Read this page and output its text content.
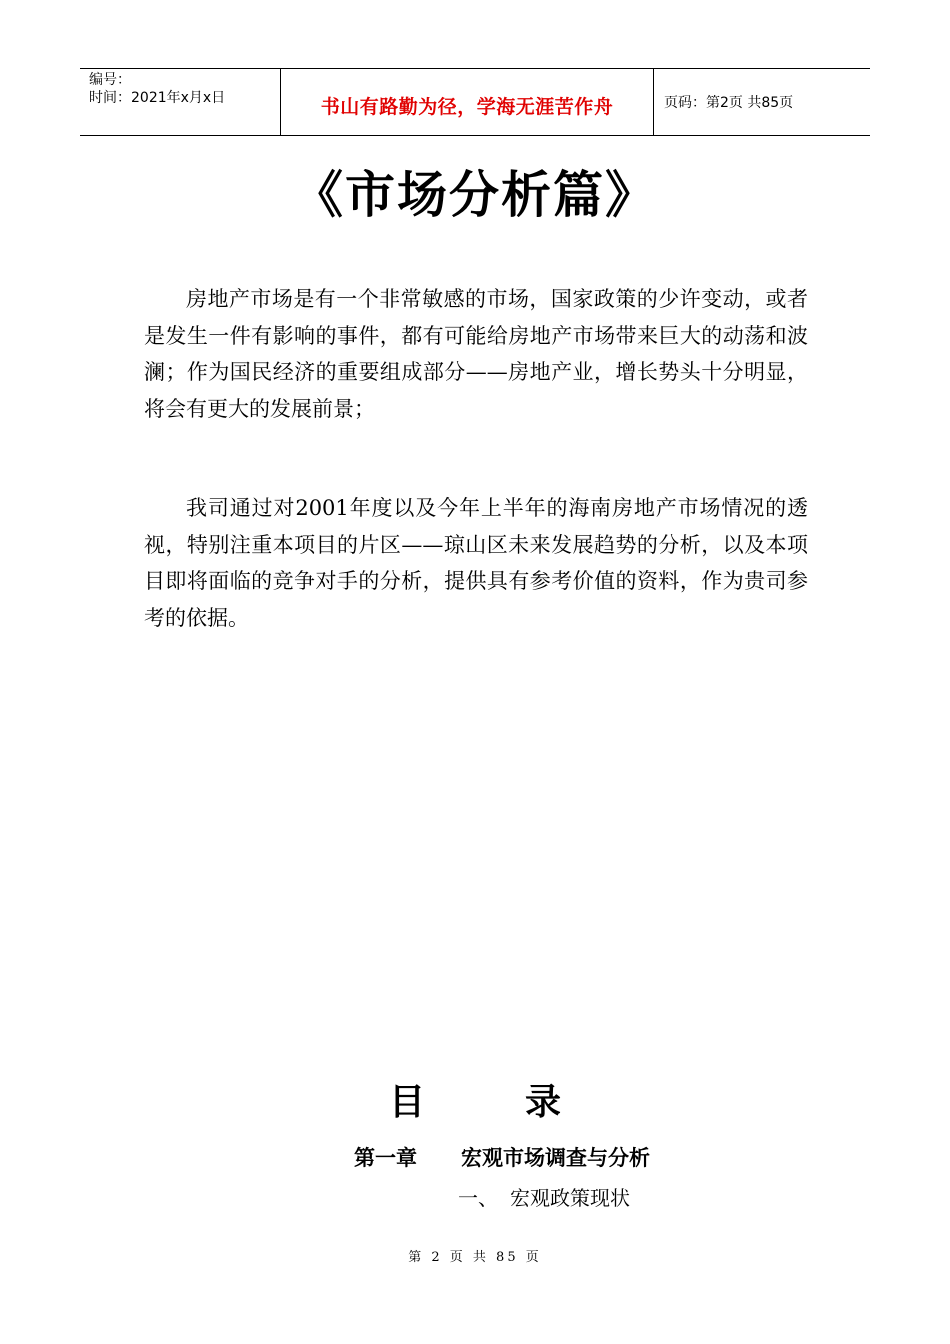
编号：
时间：2021年x月x日	书山有路勤为径，学海无涯苦作舟	页码：第2页 共85页
《市场分析篇》

房地产市场是有一个非常敏感的市场，国家政策的少许变动，或者是发生一件有影响的事件，都有可能给房地产市场带来巨大的动荡和波澜；作为国民经济的重要组成部分——房地产业，增长势头十分明显，将会有更大的发展前景；

我司通过对2001年度以及今年上半年的海南房地产市场情况的透视，特别注重本项目的片区——琼山区未来发展趋势的分析，以及本项目即将面临的竞争对手的分析，提供具有参考价值的资料，作为贵司参考的依据。

目	录
第一章 宏观市场调查与分析
一、 宏观政策现状
第 2 页 共 85 页
